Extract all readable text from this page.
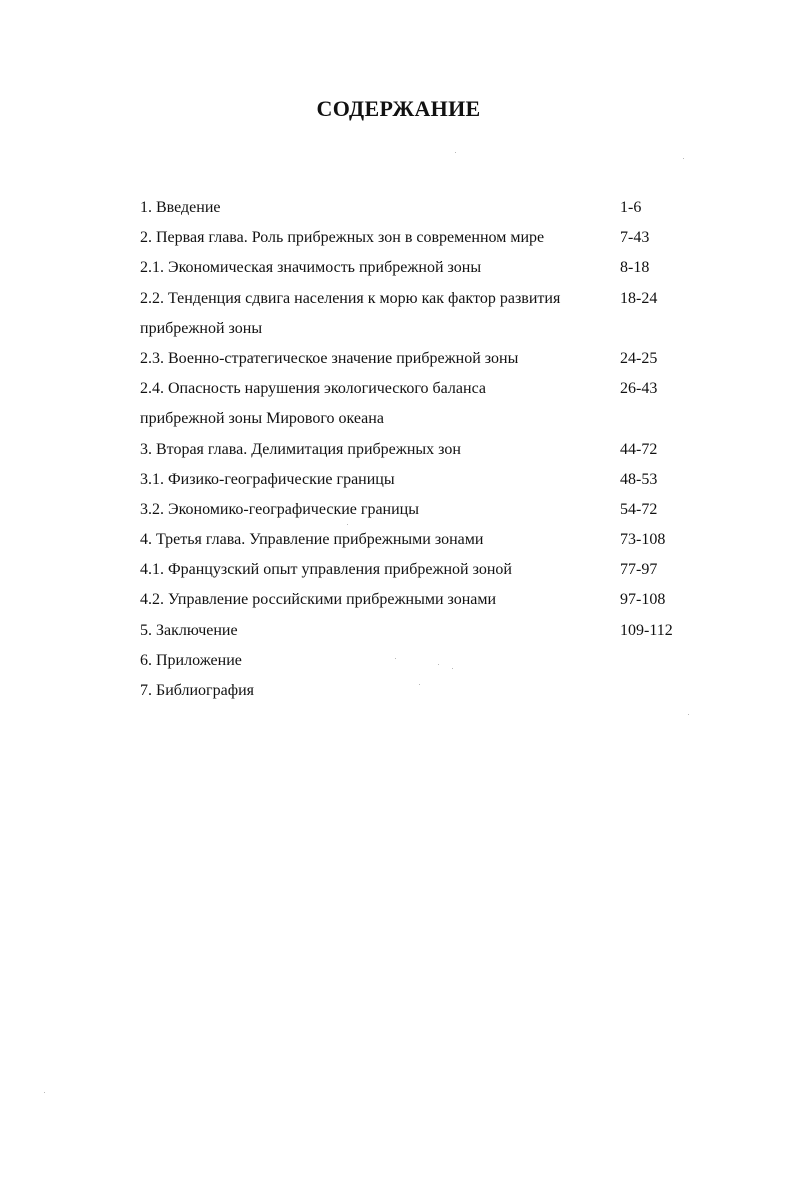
СОДЕРЖАНИЕ
1. Введение	1-6
2. Первая глава. Роль прибрежных зон в современном мире	7-43
2.1. Экономическая значимость прибрежной зоны	8-18
2.2. Тенденция сдвига населения к морю как фактор развития	18-24
прибрежной зоны
2.3. Военно-стратегическое значение прибрежной зоны	24-25
2.4. Опасность нарушения экологического баланса	26-43
прибрежной зоны Мирового океана
3. Вторая глава. Делимитация прибрежных зон	44-72
3.1. Физико-географические границы	48-53
3.2. Экономико-географические границы	54-72
4. Третья глава. Управление прибрежными зонами	73-108
4.1. Французский опыт управления прибрежной зоной	77-97
4.2. Управление российскими прибрежными зонами	97-108
5. Заключение	109-112
6. Приложение
7. Библиография
